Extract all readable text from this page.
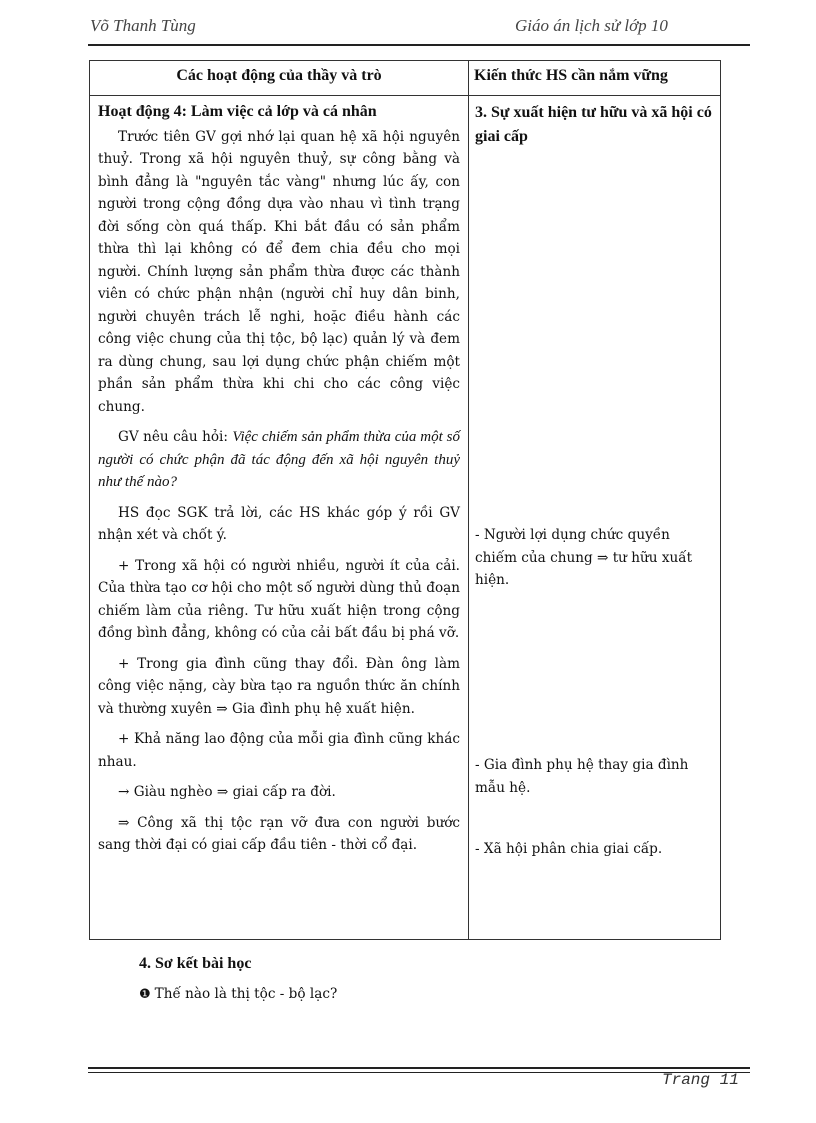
Võ Thanh Tùng	Giáo án lịch sử lớp 10
Các hoạt động của thầy và trò	Kiến thức HS cần nắm vững
Hoạt động 4: Làm việc cả lớp và cá nhân

Trước tiên GV gợi nhớ lại quan hệ xã hội nguyên thuỷ. Trong xã hội nguyên thuỷ, sự công bằng và bình đẳng là "nguyên tắc vàng" nhưng lúc ấy, con người trong cộng đồng dựa vào nhau vì tình trạng đời sống còn quá thấp. Khi bắt đầu có sản phẩm thừa thì lại không có để đem chia đều cho mọi người. Chính lượng sản phẩm thừa được các thành viên có chức phận nhận (người chỉ huy dân binh, người chuyên trách lễ nghi, hoặc điều hành các công việc chung của thị tộc, bộ lạc) quản lý và đem ra dùng chung, sau lợi dụng chức phận chiếm một phần sản phẩm thừa khi chi cho các công việc chung.

GV nêu câu hỏi: Việc chiếm sản phẩm thừa của một số người có chức phận đã tác động đến xã hội nguyên thuỷ như thế nào?

HS đọc SGK trả lời, các HS khác góp ý rồi GV nhận xét và chốt ý.

+ Trong xã hội có người nhiều, người ít của cải. Của thừa tạo cơ hội cho một số người dùng thủ đoạn chiếm làm của riêng. Tư hữu xuất hiện trong cộng đồng bình đẳng, không có của cải bất đầu bị phá vỡ.

+ Trong gia đình cũng thay đổi. Đàn ông làm công việc nặng, cày bừa tạo ra nguồn thức ăn chính và thường xuyên ⇒ Gia đình phụ hệ xuất hiện.

+ Khả năng lao động của mỗi gia đình cũng khác nhau.

→ Giàu nghèo ⇒ giai cấp ra đời.

⇒ Công xã thị tộc rạn vỡ đưa con người bước sang thời đại có giai cấp đầu tiên - thời cổ đại.

3. Sự xuất hiện tư hữu và xã hội có giai cấp
- Người lợi dụng chức quyền chiếm của chung ⇒ tư hữu xuất hiện.
- Gia đình phụ hệ thay gia đình mẫu hệ.
- Xã hội phân chia giai cấp.
4. Sơ kết bài học
❶ Thế nào là thị tộc - bộ lạc?
Trang 11
